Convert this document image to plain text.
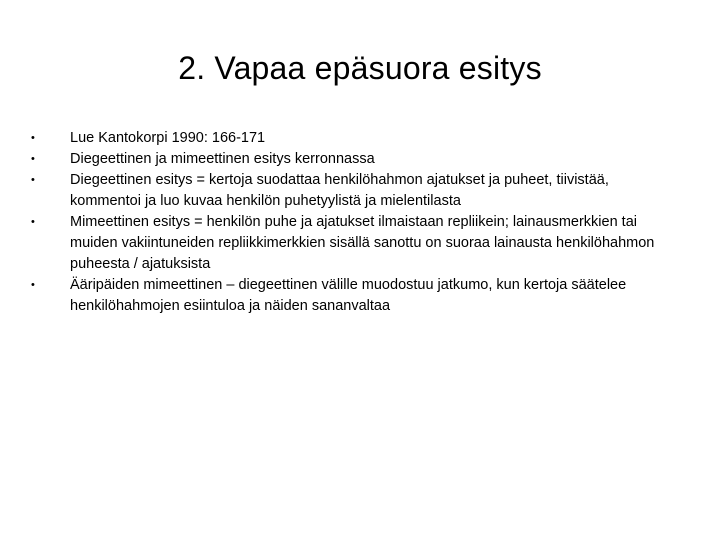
2. Vapaa epäsuora esitys
• Lue Kantokorpi 1990: 166-171
• Diegeettinen ja mimeettinen esitys kerronnassa
• Diegeettinen esitys = kertoja suodattaa henkilöhahmon ajatukset ja puheet, tiivistää, kommentoi ja luo kuvaa henkilön puhetyylistä ja mielentilasta
• Mimeettinen esitys = henkilön puhe ja ajatukset ilmaistaan repliikein; lainausmerkkien tai muiden vakiintuneiden repliikkimerkkien sisällä sanottu on suoraa lainausta henkilöhahmon puheesta / ajatuksista
• Ääripäiden mimeettinen – diegeettinen välille muodostuu jatkumo, kun kertoja säätelee henkilöhahmojen esiintuloa ja näiden sananvaltaa
